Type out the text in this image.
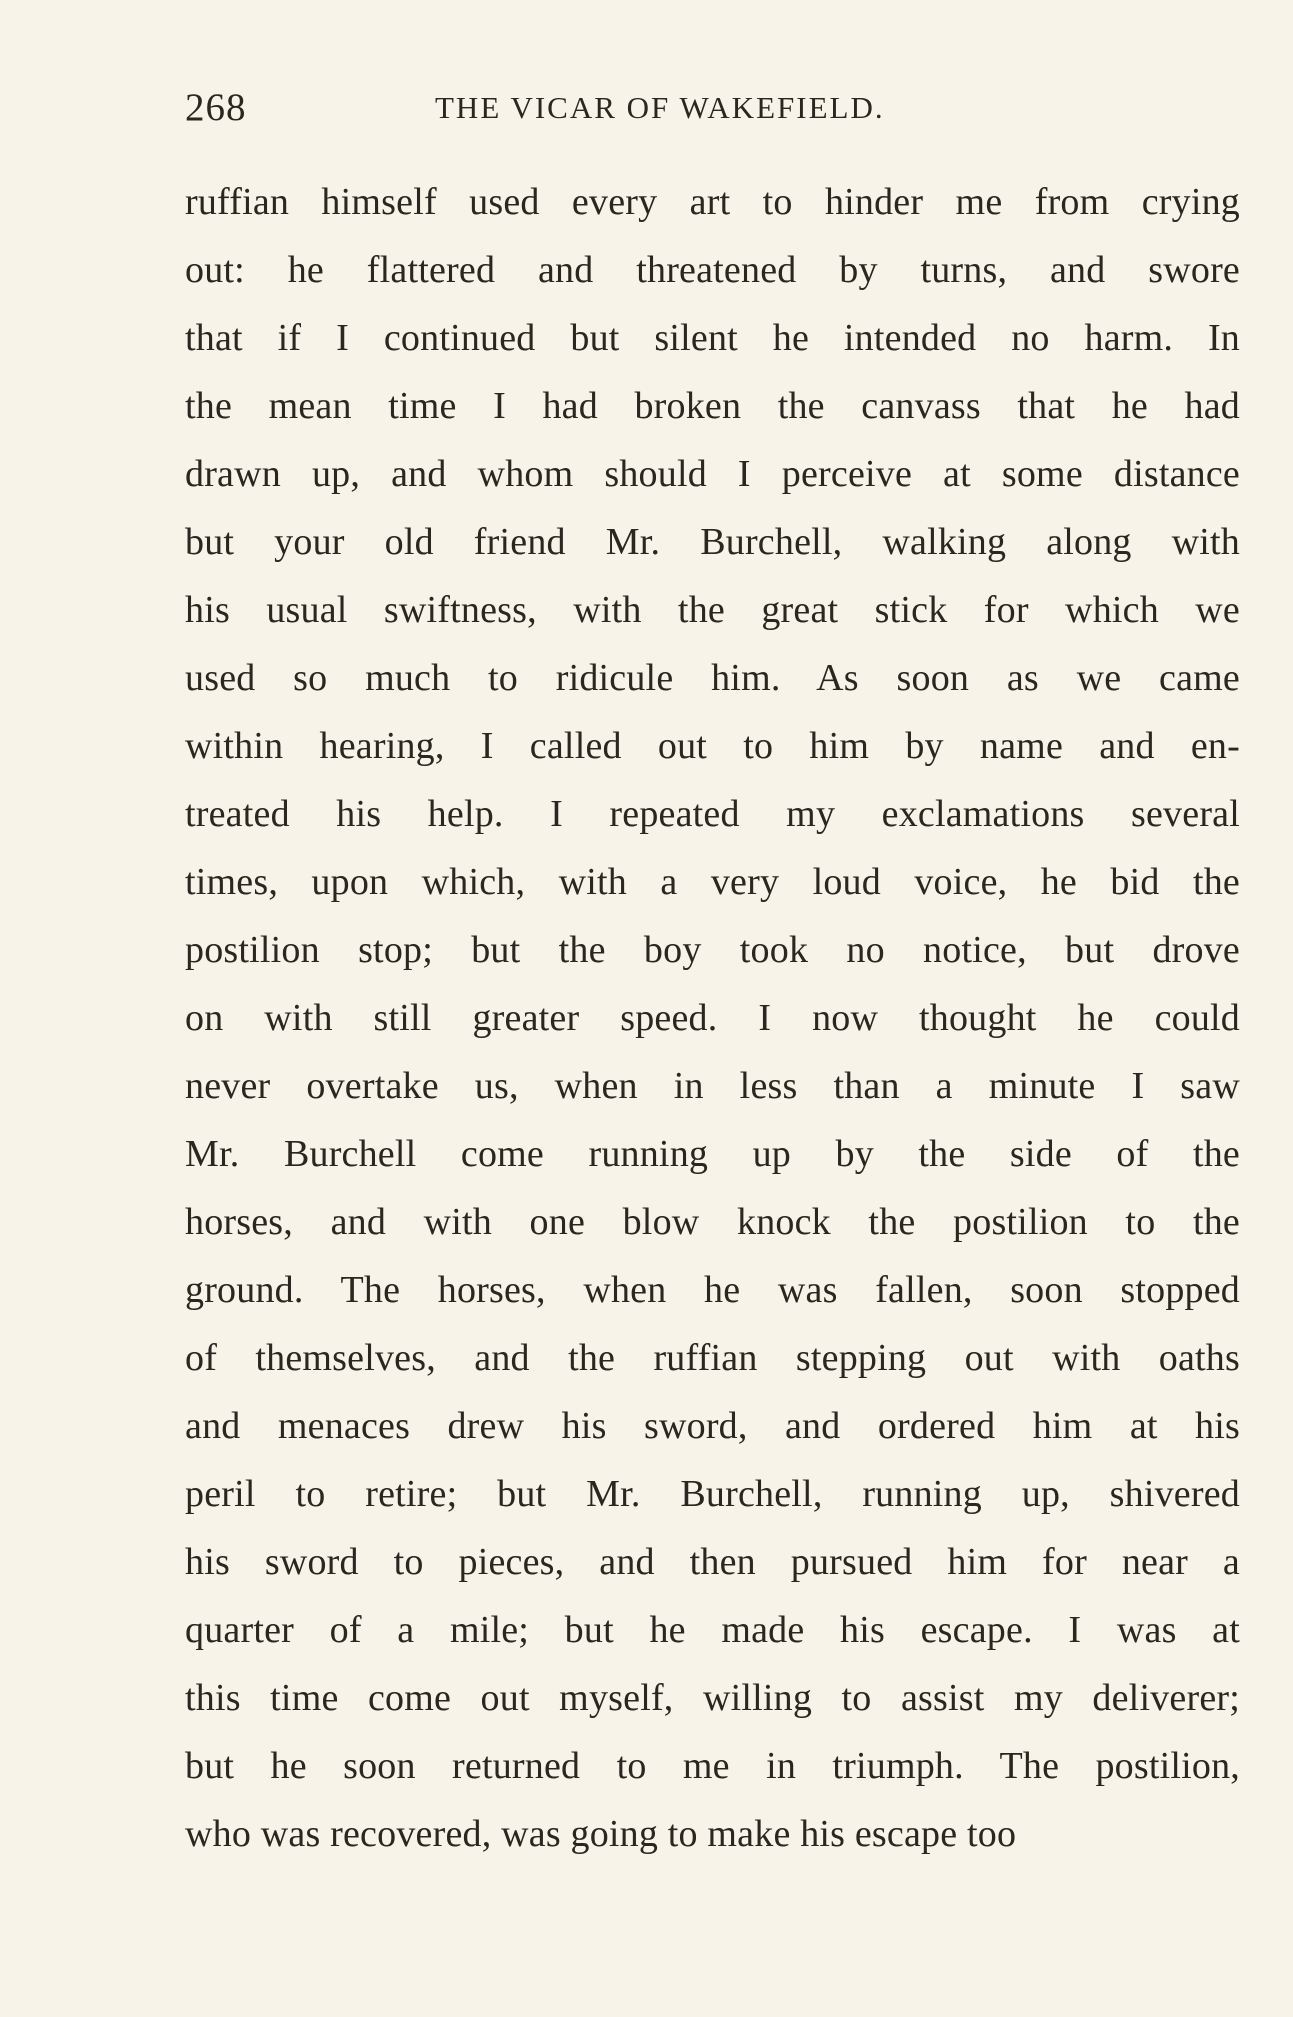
268	THE VICAR OF WAKEFIELD.
ruffian himself used every art to hinder me from crying
out: he flattered and threatened by turns, and swore
that if I continued but silent he intended no harm. In
the mean time I had broken the canvass that he had
drawn up, and whom should I perceive at some distance
but your old friend Mr. Burchell, walking along with
his usual swiftness, with the great stick for which we
used so much to ridicule him. As soon as we came
within hearing, I called out to him by name and en-
treated his help. I repeated my exclamations several
times, upon which, with a very loud voice, he bid the
postilion stop; but the boy took no notice, but drove
on with still greater speed. I now thought he could
never overtake us, when in less than a minute I saw
Mr. Burchell come running up by the side of the
horses, and with one blow knock the postilion to the
ground. The horses, when he was fallen, soon stopped
of themselves, and the ruffian stepping out with oaths
and menaces drew his sword, and ordered him at his
peril to retire; but Mr. Burchell, running up, shivered
his sword to pieces, and then pursued him for near a
quarter of a mile; but he made his escape. I was at
this time come out myself, willing to assist my deliverer;
but he soon returned to me in triumph. The postilion,
who was recovered, was going to make his escape too
